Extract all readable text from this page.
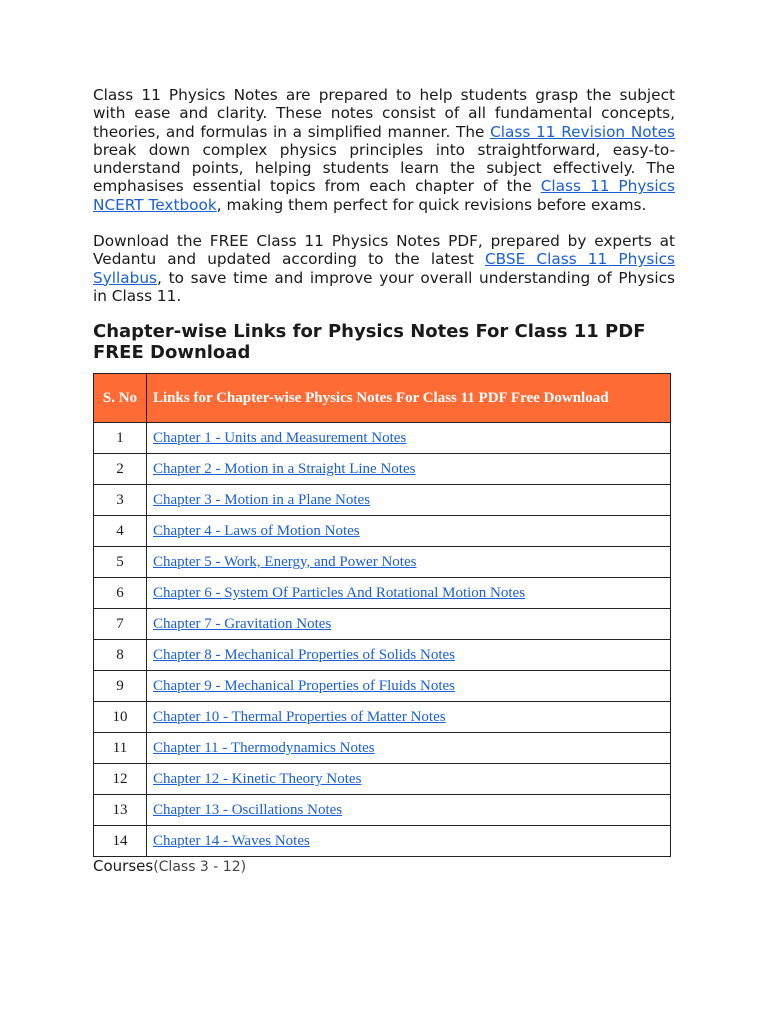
Class 11 Physics Notes are prepared to help students grasp the subject with ease and clarity. These notes consist of all fundamental concepts, theories, and formulas in a simplified manner. The Class 11 Revision Notes break down complex physics principles into straightforward, easy-to-understand points, helping students learn the subject effectively. The emphasises essential topics from each chapter of the Class 11 Physics NCERT Textbook, making them perfect for quick revisions before exams.

Download the FREE Class 11 Physics Notes PDF, prepared by experts at Vedantu and updated according to the latest CBSE Class 11 Physics Syllabus, to save time and improve your overall understanding of Physics in Class 11.

Chapter-wise Links for Physics Notes For Class 11 PDF FREE Download
S. No	Links for Chapter-wise Physics Notes For Class 11 PDF Free Download
1	Chapter 1 - Units and Measurement Notes
2	Chapter 2 - Motion in a Straight Line Notes
3	Chapter 3 - Motion in a Plane Notes
4	Chapter 4 - Laws of Motion Notes
5	Chapter 5 - Work, Energy, and Power Notes
6	Chapter 6 - System Of Particles And Rotational Motion Notes
7	Chapter 7 - Gravitation Notes
8	Chapter 8 - Mechanical Properties of Solids Notes
9	Chapter 9 - Mechanical Properties of Fluids Notes
10	Chapter 10 - Thermal Properties of Matter Notes
11	Chapter 11 - Thermodynamics Notes
12	Chapter 12 - Kinetic Theory Notes
13	Chapter 13 - Oscillations Notes
14	Chapter 14 - Waves Notes
Courses(Class 3 - 12)
